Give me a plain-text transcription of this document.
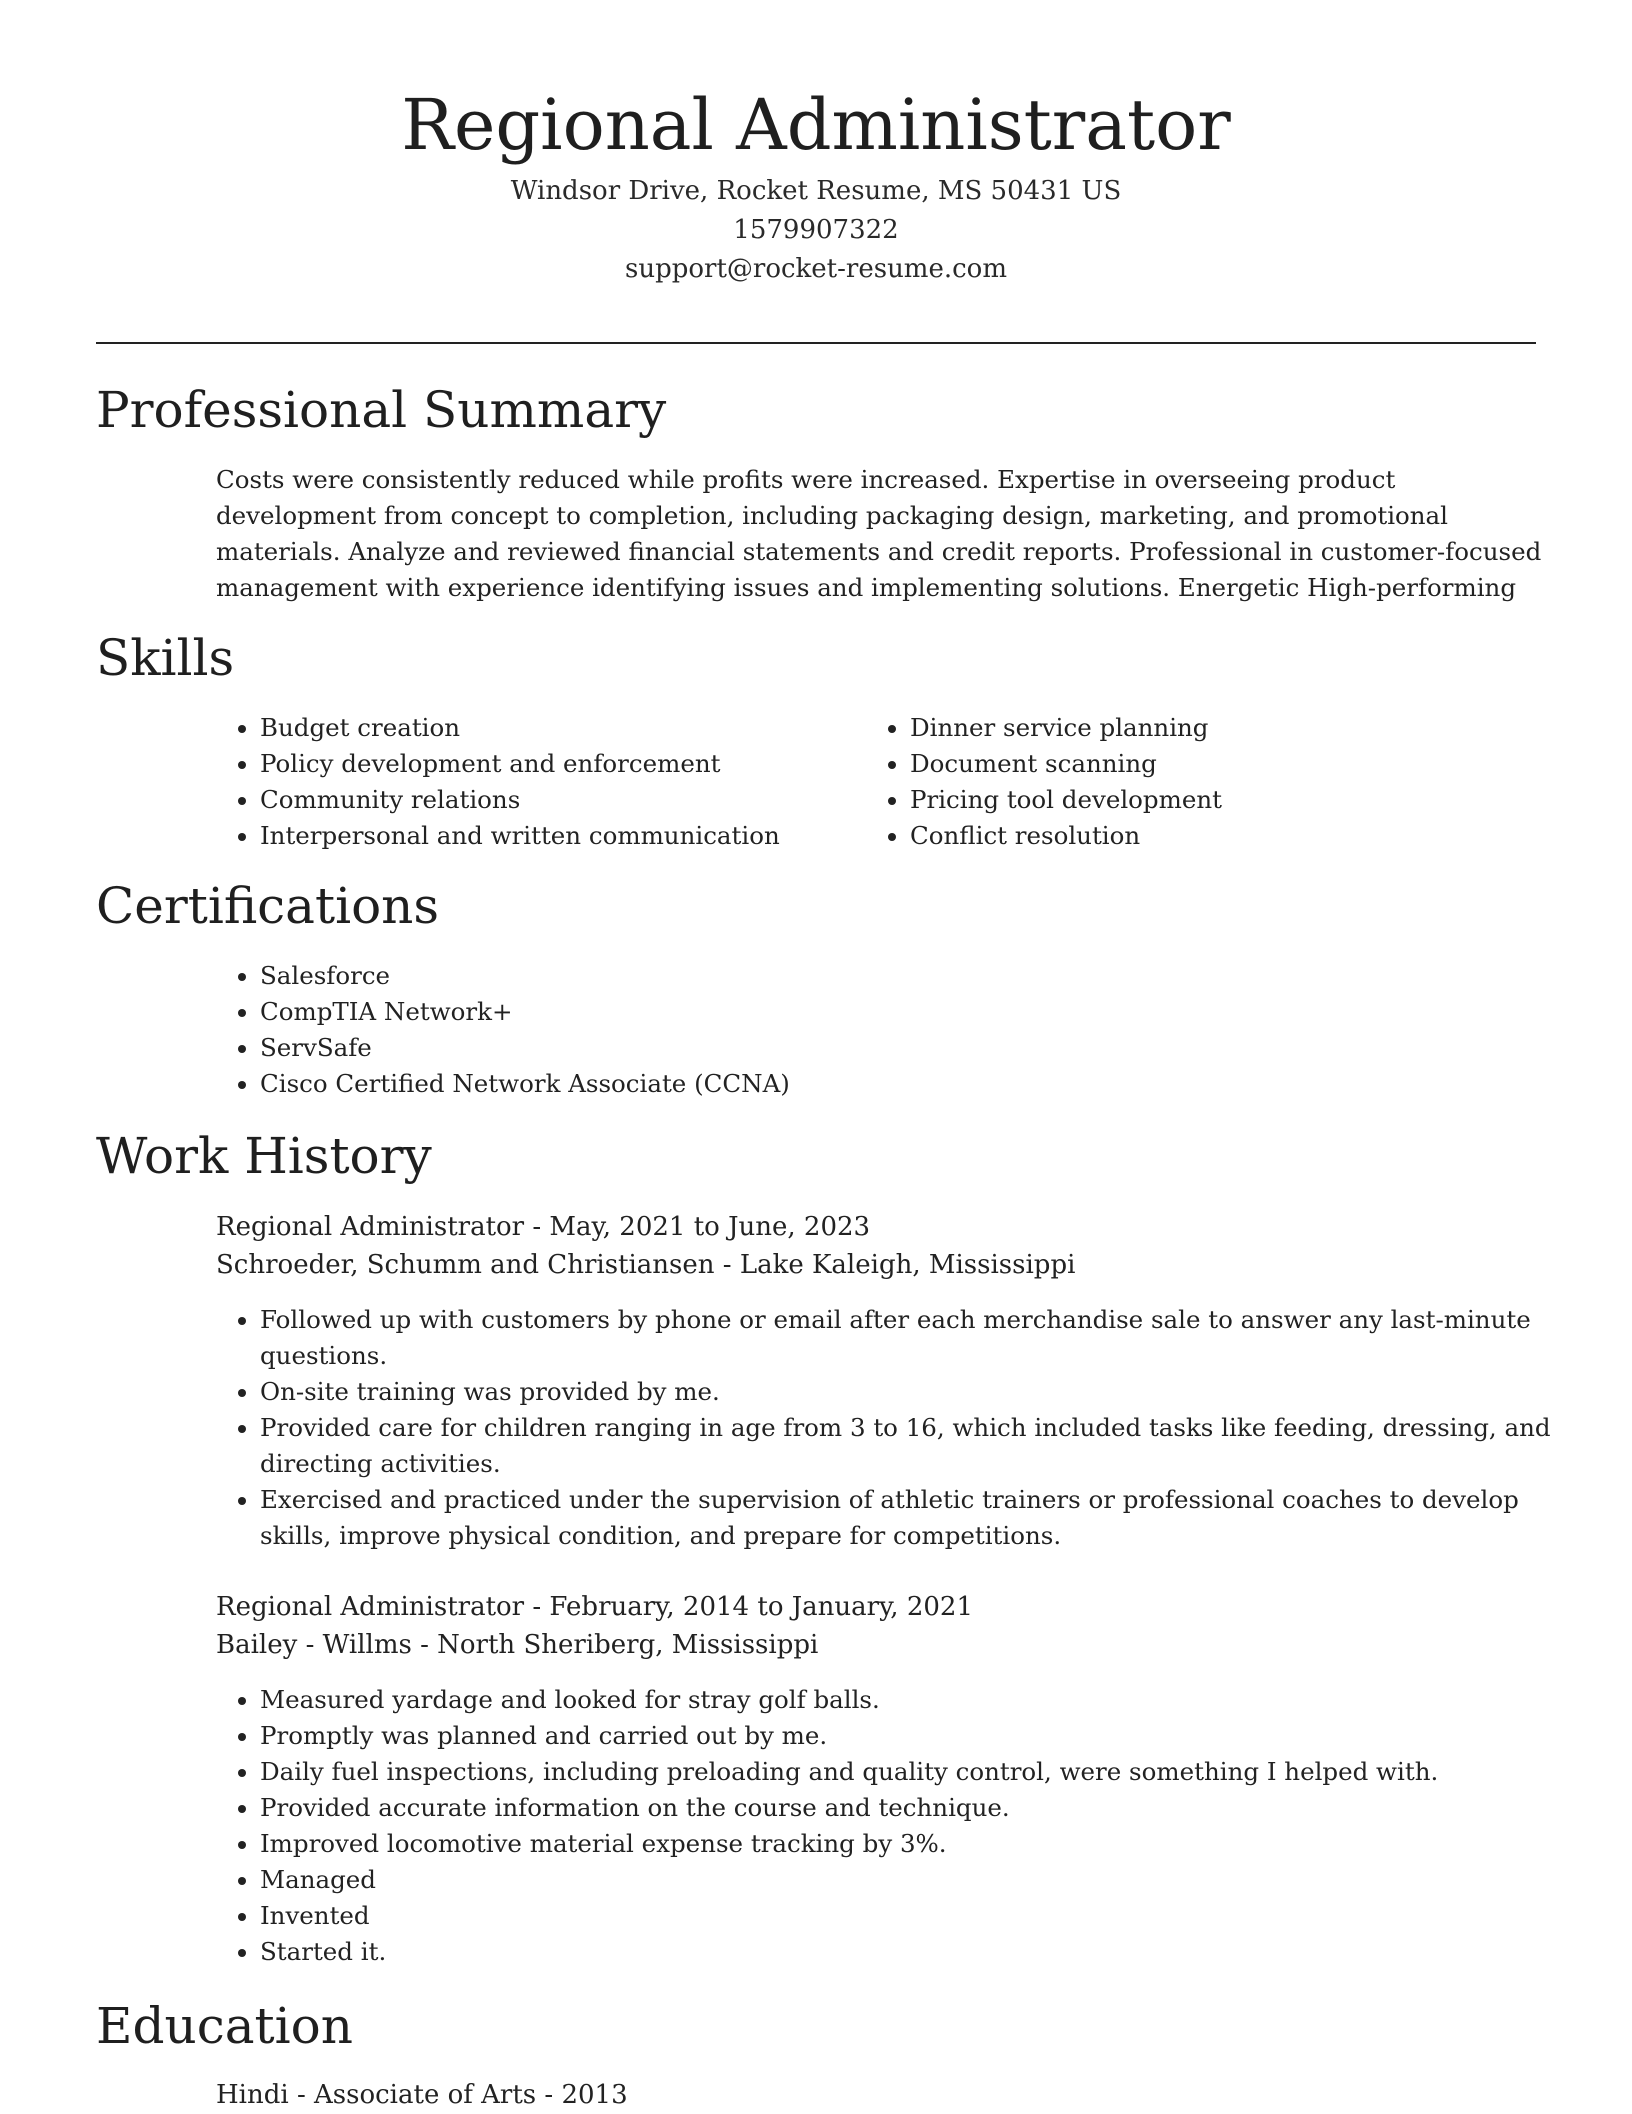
Regional Administrator
Windsor Drive, Rocket Resume, MS 50431 US
1579907322
support@rocket-resume.com
Professional Summary

Costs were consistently reduced while profits were increased. Expertise in overseeing product development from concept to completion, including packaging design, marketing, and promotional materials. Analyze and reviewed financial statements and credit reports. Professional in customer-focused management with experience identifying issues and implementing solutions. Energetic High-performing

Skills
• Budget creation
• Policy development and enforcement
• Community relations
• Interpersonal and written communication
• Dinner service planning
• Document scanning
• Pricing tool development
• Conflict resolution
Certifications
• Salesforce
• CompTIA Network+
• ServSafe
• Cisco Certified Network Associate (CCNA)
Work History
Regional Administrator - May, 2021 to June, 2023
Schroeder, Schumm and Christiansen - Lake Kaleigh, Mississippi
• Followed up with customers by phone or email after each merchandise sale to answer any last-minute questions.
• On-site training was provided by me.
• Provided care for children ranging in age from 3 to 16, which included tasks like feeding, dressing, and directing activities.
• Exercised and practiced under the supervision of athletic trainers or professional coaches to develop skills, improve physical condition, and prepare for competitions.
Regional Administrator - February, 2014 to January, 2021
Bailey - Willms - North Sheriberg, Mississippi
• Measured yardage and looked for stray golf balls.
• Promptly was planned and carried out by me.
• Daily fuel inspections, including preloading and quality control, were something I helped with.
• Provided accurate information on the course and technique.
• Improved locomotive material expense tracking by 3%.
• Managed
• Invented
• Started it.
Education
Hindi - Associate of Arts - 2013
